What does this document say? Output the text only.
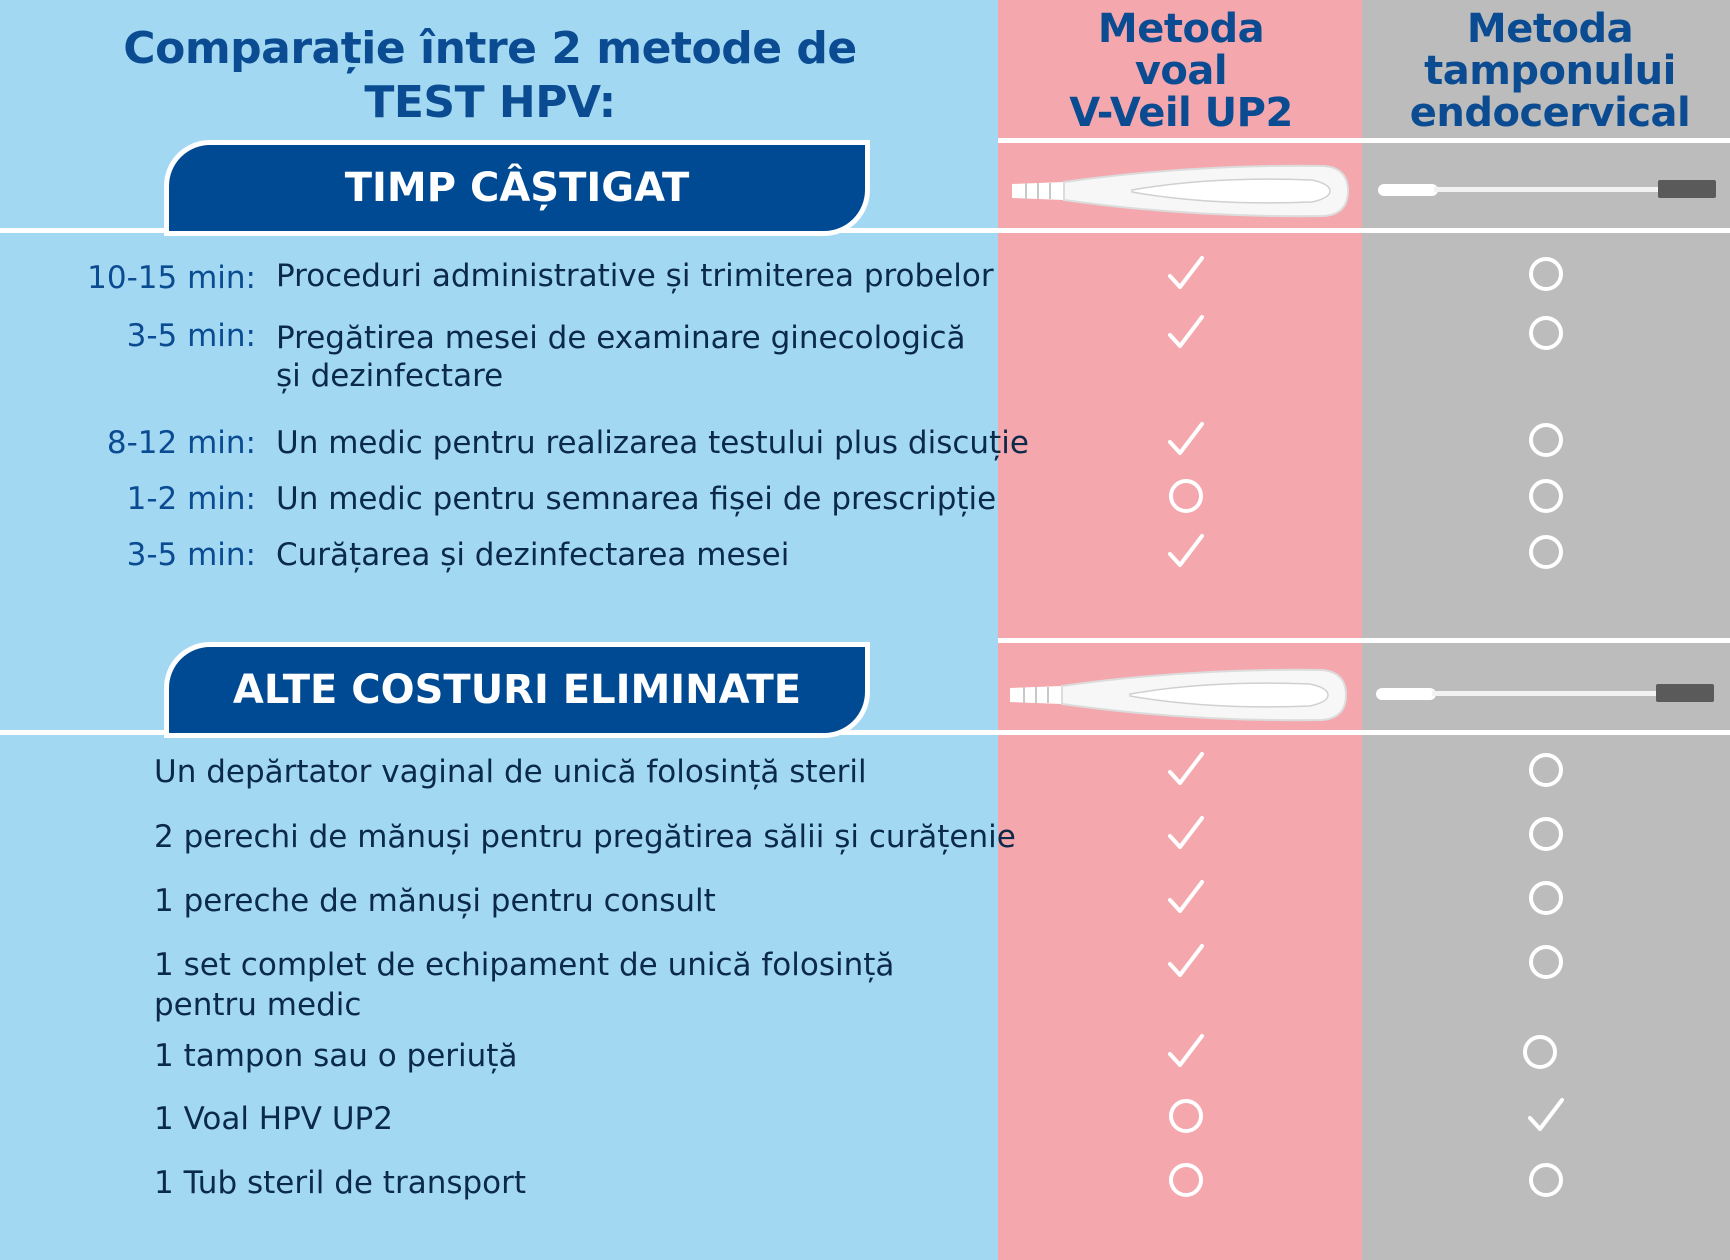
Comparație între 2 metode de
TEST HPV:
Metoda
voal
V-Veil UP2
Metoda
tamponului
endocervical
TIMP CÂȘTIGAT
ALTE COSTURI ELIMINATE
10-15 min: Proceduri administrative și trimiterea probelor
3-5 min: Pregătirea mesei de examinare ginecologică
și dezinfectare
8-12 min: Un medic pentru realizarea testului plus discuție
1-2 min: Un medic pentru semnarea fișei de prescripție
3-5 min: Curățarea și dezinfectarea mesei
Un depărtator vaginal de unică folosință steril
2 perechi de mănuși pentru pregătirea sălii și curățenie
1 pereche de mănuși pentru consult
1 set complet de echipament de unică folosință
pentru medic
1 tampon sau o periuță
1 Voal HPV UP2
1 Tub steril de transport
